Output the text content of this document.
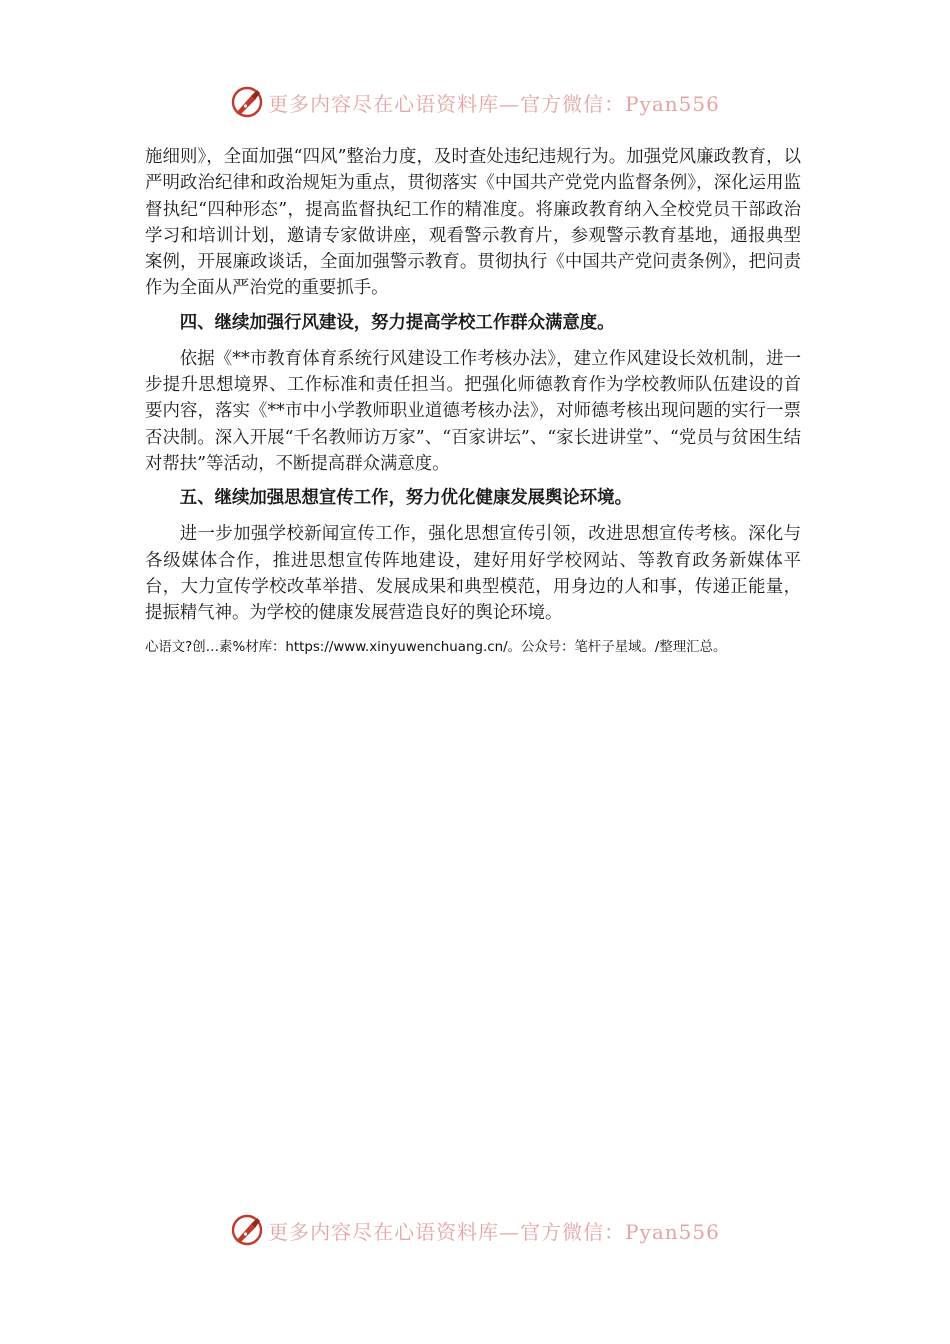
更多内容尽在心语资料库—官方微信：Pyan556

施细则》，全面加强“四风”整治力度，及时查处违纪违规行为。加强党风廉政教育，以严明政治纪律和政治规矩为重点，贯彻落实《中国共产党党内监督条例》，深化运用监督执纪“四种形态”，提高监督执纪工作的精准度。将廉政教育纳入全校党员干部政治学习和培训计划，邀请专家做讲座，观看警示教育片，参观警示教育基地，通报典型案例，开展廉政谈话，全面加强警示教育。贯彻执行《中国共产党问责条例》，把问责作为全面从严治党的重要抓手。

四、继续加强行风建设，努力提高学校工作群众满意度。

依据《**市教育体育系统行风建设工作考核办法》，建立作风建设长效机制，进一步提升思想境界、工作标准和责任担当。把强化师德教育作为学校教师队伍建设的首要内容，落实《**市中小学教师职业道德考核办法》，对师德考核出现问题的实行一票否决制。深入开展“千名教师访万家”、“百家讲坛”、“家长进讲堂”、“党员与贫困生结对帮扶”等活动，不断提高群众满意度。

五、继续加强思想宣传工作，努力优化健康发展舆论环境。

进一步加强学校新闻宣传工作，强化思想宣传引领，改进思想宣传考核。深化与各级媒体合作，推进思想宣传阵地建设，建好用好学校网站、等教育政务新媒体平台，大力宣传学校改革举措、发展成果和典型模范，用身边的人和事，传递正能量，提振精气神。为学校的健康发展营造良好的舆论环境。

心语文?创…素%材库：https://www.xinyuwenchuang.cn/。公众号：笔杆子星域。/整理汇总。

更多内容尽在心语资料库—官方微信：Pyan556
